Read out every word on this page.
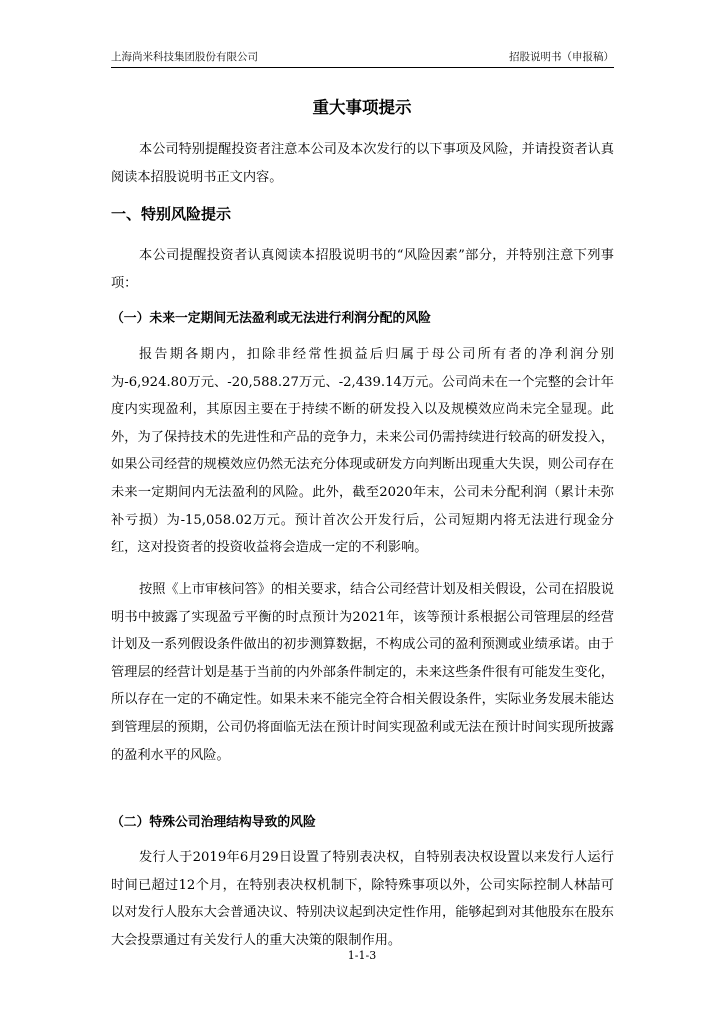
上海尚米科技集团股份有限公司	招股说明书（申报稿）
重大事项提示

本公司特别提醒投资者注意本公司及本次发行的以下事项及风险，并请投资者认真阅读本招股说明书正文内容。

一、特别风险提示

本公司提醒投资者认真阅读本招股说明书的“风险因素”部分，并特别注意下列事项：

（一）未来一定期间无法盈利或无法进行利润分配的风险

报告期各期内，扣除非经常性损益后归属于母公司所有者的净利润分别为-6,924.80万元、-20,588.27万元、-2,439.14万元。公司尚未在一个完整的会计年度内实现盈利，其原因主要在于持续不断的研发投入以及规模效应尚未完全显现。此外，为了保持技术的先进性和产品的竞争力，未来公司仍需持续进行较高的研发投入，如果公司经营的规模效应仍然无法充分体现或研发方向判断出现重大失误，则公司存在未来一定期间内无法盈利的风险。此外，截至2020年末，公司未分配利润（累计未弥补亏损）为-15,058.02万元。预计首次公开发行后，公司短期内将无法进行现金分红，这对投资者的投资收益将会造成一定的不利影响。

按照《上市审核问答》的相关要求，结合公司经营计划及相关假设，公司在招股说明书中披露了实现盈亏平衡的时点预计为2021年，该等预计系根据公司管理层的经营计划及一系列假设条件做出的初步测算数据，不构成公司的盈利预测或业绩承诺。由于管理层的经营计划是基于当前的内外部条件制定的，未来这些条件很有可能发生变化，所以存在一定的不确定性。如果未来不能完全符合相关假设条件，实际业务发展未能达到管理层的预期，公司仍将面临无法在预计时间实现盈利或无法在预计时间实现所披露的盈利水平的风险。

（二）特殊公司治理结构导致的风险

发行人于2019年6月29日设置了特别表决权，自特别表决权设置以来发行人运行时间已超过12个月，在特别表决权机制下，除特殊事项以外，公司实际控制人林喆可以对发行人股东大会普通决议、特别决议起到决定性作用，能够起到对其他股东在股东大会投票通过有关发行人的重大决策的限制作用。

1-1-3
